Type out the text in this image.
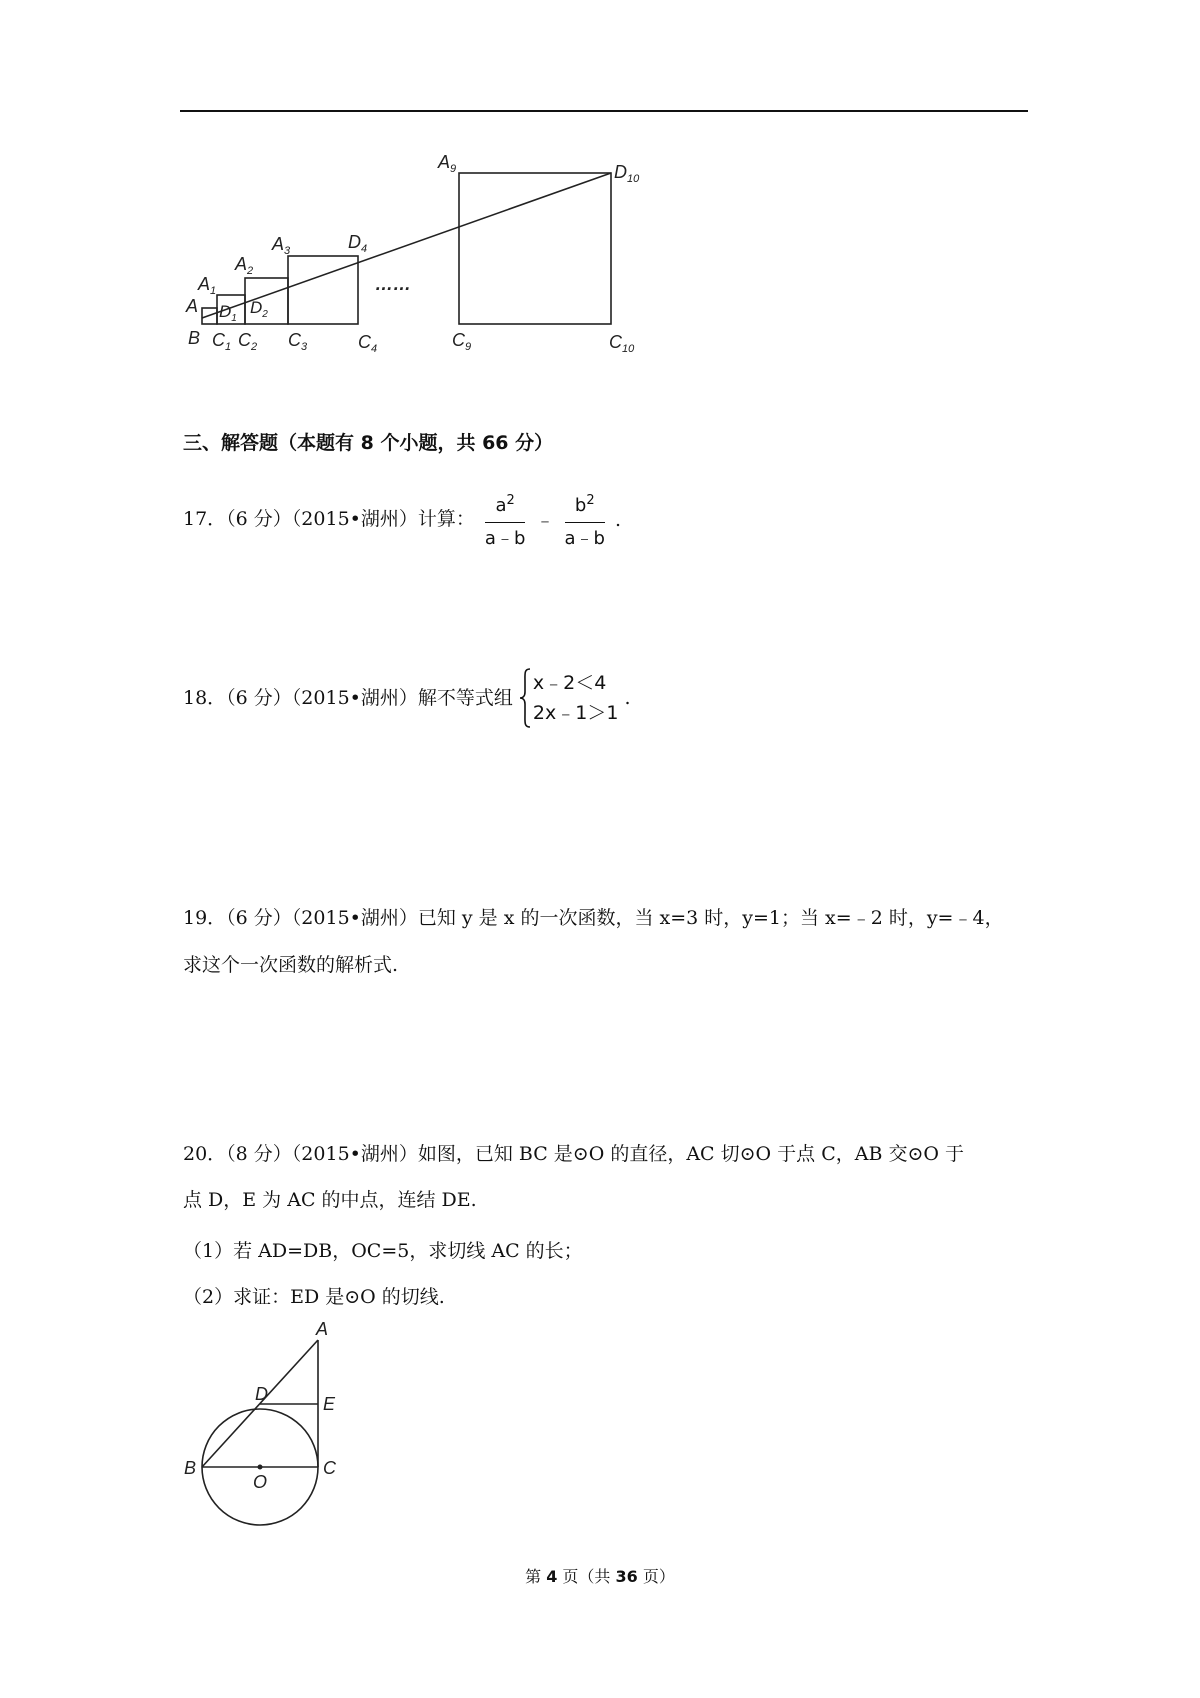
$A_9$	$D_{10}$
$A_3$	$D_4$
$A_2$
$A_1$
A $D_1$
$D_2$
B $C_1$ $C_2$ $C_3$	$C_4$	$C_9$	$C_{10}$
……
三、解答题（本题有 8 个小题，共 66 分）
17．（6 分）（2015•湖州）计算： $\frac{a^2}{a﹣b}$ ﹣ $\frac{b^2}{a﹣b}$ .
18．（6 分）（2015•湖州）解不等式组
x﹣2＜4
2x﹣1＞1
.
19．（6 分）（2015•湖州）已知 y 是 x 的一次函数，当 x=3 时，y=1；当 x=﹣2 时，y=﹣4，
求这个一次函数的解析式.
20．（8 分）（2015•湖州）如图，已知 BC 是⊙O 的直径，AC 切⊙O 于点 C，AB 交⊙O 于
点 D，E 为 AC 的中点，连结 DE.
（1）若 AD=DB，OC=5，求切线 AC 的长；
（2）求证：ED 是⊙O 的切线.
A
D	E
B
O
C
第 4 页（共 36 页）
